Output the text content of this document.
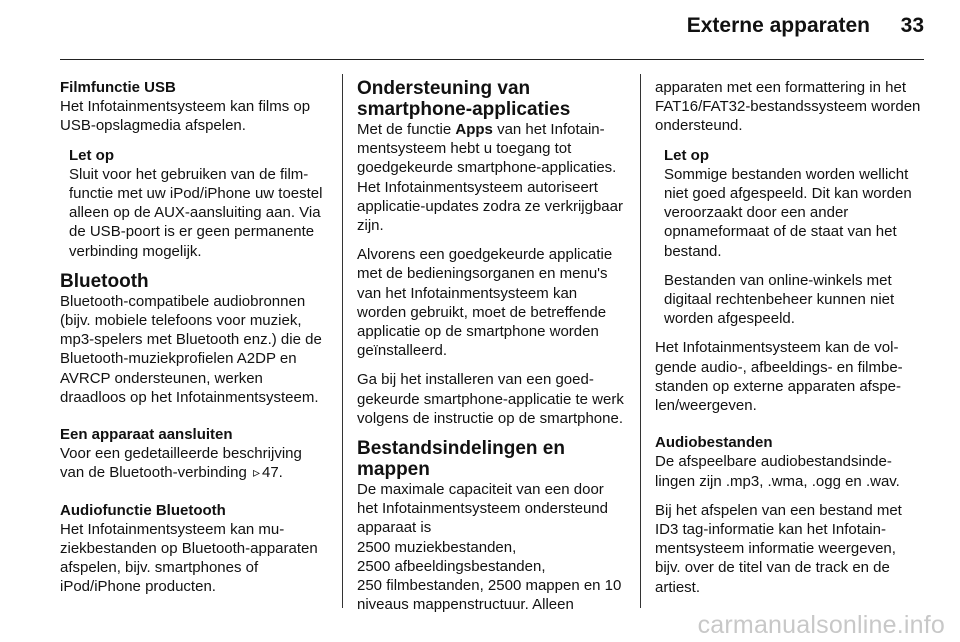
Externe apparaten	33
Filmfunctie USB
Het Infotainmentsysteem kan films op USB-opslagmedia afspelen.
Let op
Sluit voor het gebruiken van de filmfunctie met uw iPod/iPhone uw toestel alleen op de AUX-aansluiting aan. Via de USB-poort is er geen permanente verbinding mogelijk.
Bluetooth
Bluetooth-compatibele audiobronnen (bijv. mobiele telefoons voor muziek, mp3-spelers met Bluetooth enz.) die de Bluetooth-muziekprofielen A2DP en AVRCP ondersteunen, werken draadloos op het Infotainmentsysteem.
Een apparaat aansluiten
Voor een gedetailleerde beschrijving van de Bluetooth-verbinding ▹ 47.
Audiofunctie Bluetooth
Het Infotainmentsysteem kan muziekbestanden op Bluetooth-apparaten afspelen, bijv. smartphones of iPod/iPhone producten.
Ondersteuning van smartphone-applicaties
Met de functie Apps van het Infotainmentsysteem hebt u toegang tot goedgekeurde smartphone-applicaties. Het Infotainmentsysteem autoriseert applicatie-updates zodra ze verkrijgbaar zijn.
Alvorens een goedgekeurde applicatie met de bedieningsorganen en menu's van het Infotainmentsysteem kan worden gebruikt, moet de betreffende applicatie op de smartphone worden geïnstalleerd.
Ga bij het installeren van een goedgekeurde smartphone-applicatie te werk volgens de instructie op de smartphone.
Bestandsindelingen en mappen
De maximale capaciteit van een door het Infotainmentsysteem ondersteund apparaat is
2500 muziekbestanden,
2500 afbeeldingsbestanden,
250 filmbestanden, 2500 mappen en 10 niveaus mappenstructuur. Alleen
apparaten met een formattering in het FAT16/FAT32-bestandssysteem worden ondersteund.
Let op
Sommige bestanden worden wellicht niet goed afgespeeld. Dit kan worden veroorzaakt door een ander opnameformaat of de staat van het bestand.
Bestanden van online-winkels met digitaal rechtenbeheer kunnen niet worden afgespeeld.
Het Infotainmentsysteem kan de volgende audio-, afbeeldings- en filmbestanden op externe apparaten afspelen/weergeven.
Audiobestanden
De afspeelbare audiobestandsindelingen zijn .mp3, .wma, .ogg en .wav.
Bij het afspelen van een bestand met ID3 tag-informatie kan het Infotainmentsysteem informatie weergeven, bijv. over de titel van de track en de artiest.
carmanualsonline.info
